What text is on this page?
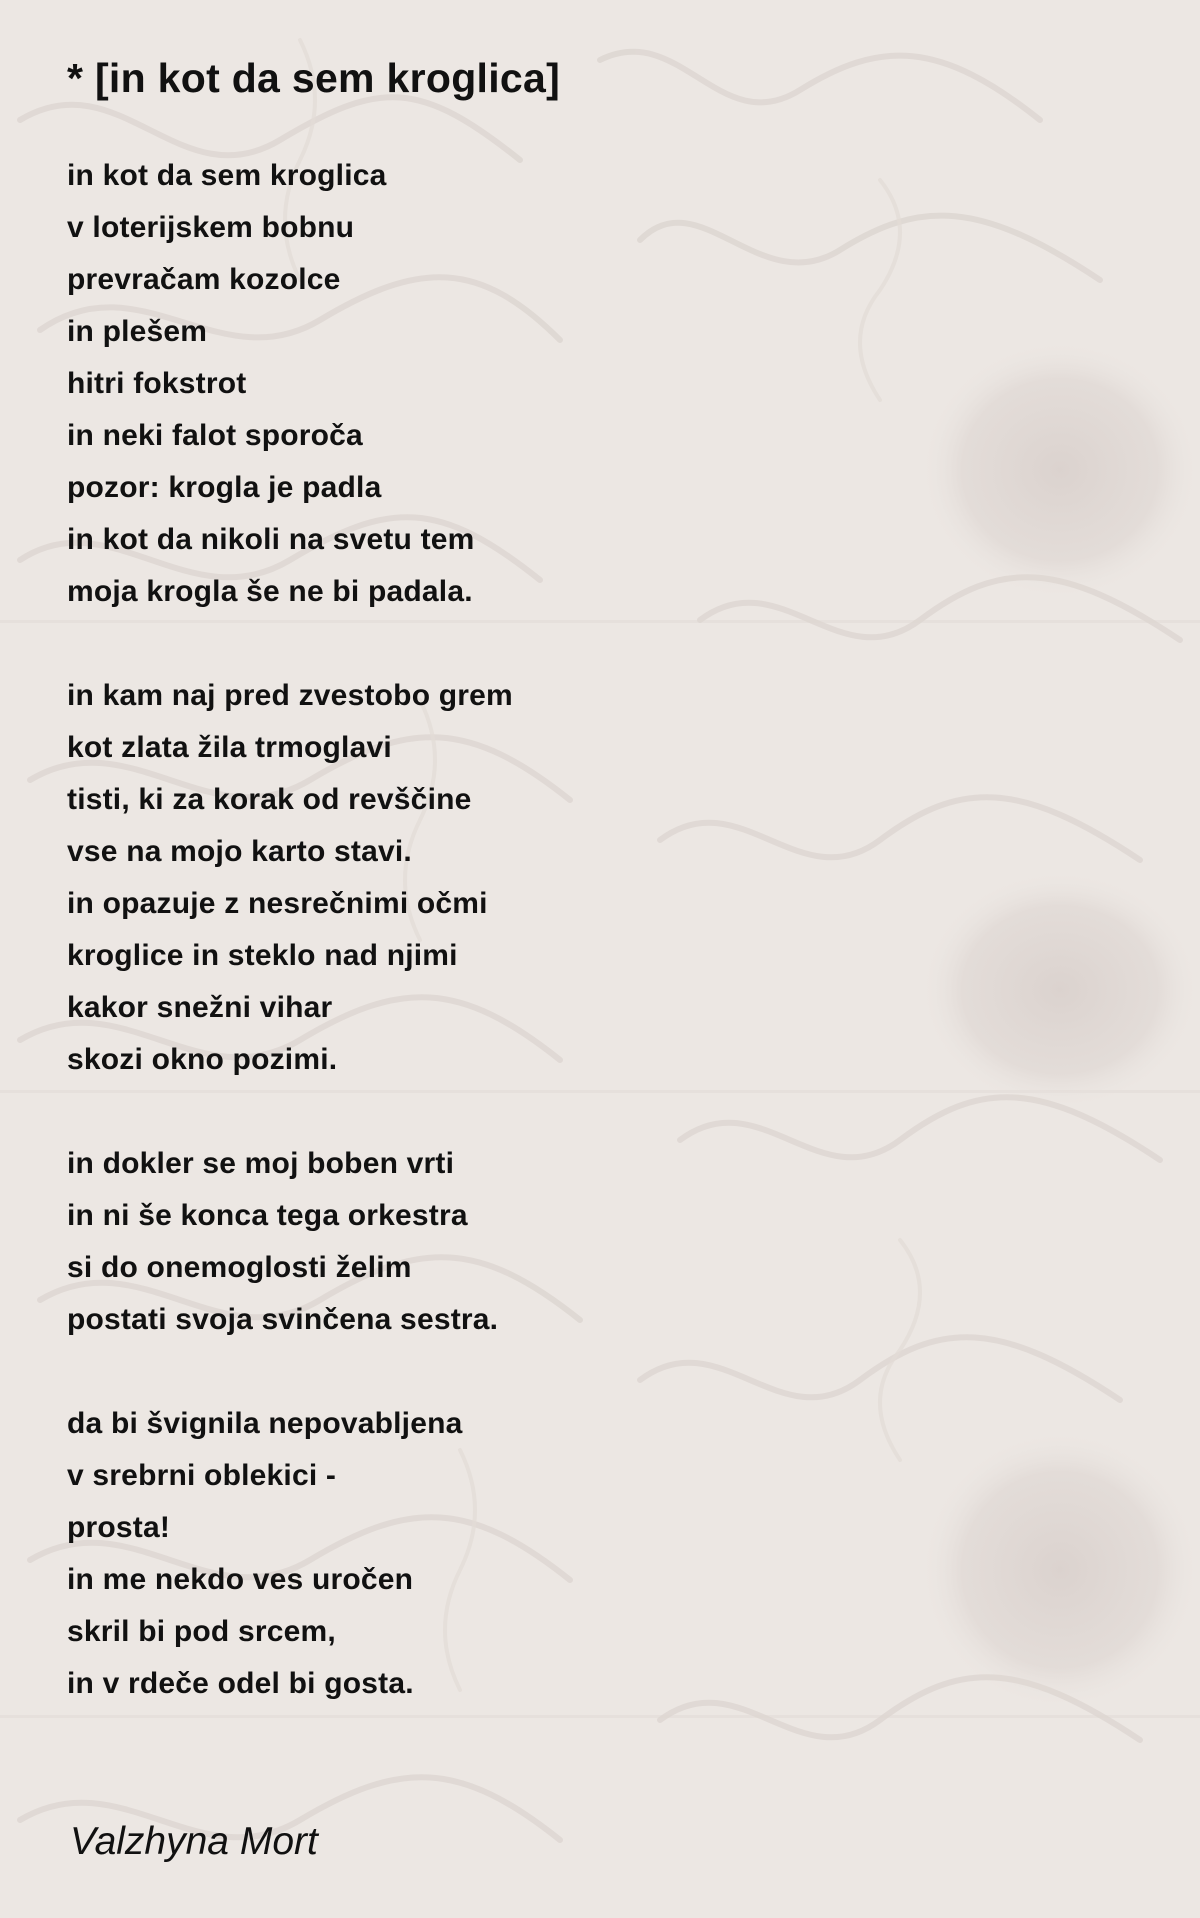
* [in kot da sem kroglica]
in kot da sem kroglica
v loterijskem bobnu
prevračam kozolce
in plešem
hitri fokstrot
in neki falot sporoča
pozor: krogla je padla
in kot da nikoli na svetu tem
moja krogla še ne bi padala.
in kam naj pred zvestobo grem
kot zlata žila trmoglavi
tisti, ki za korak od revščine
vse na mojo karto stavi.
in opazuje z nesrečnimi očmi
kroglice in steklo nad njimi
kakor snežni vihar
skozi okno pozimi.
in dokler se moj boben vrti
in ni še konca tega orkestra
si do onemoglosti želim
postati svoja svinčena sestra.
da bi švignila nepovabljena
v srebrni oblekici -
prosta!
in me nekdo ves uročen
skril bi pod srcem,
in v rdeče odel bi gosta.
Valzhyna Mort
